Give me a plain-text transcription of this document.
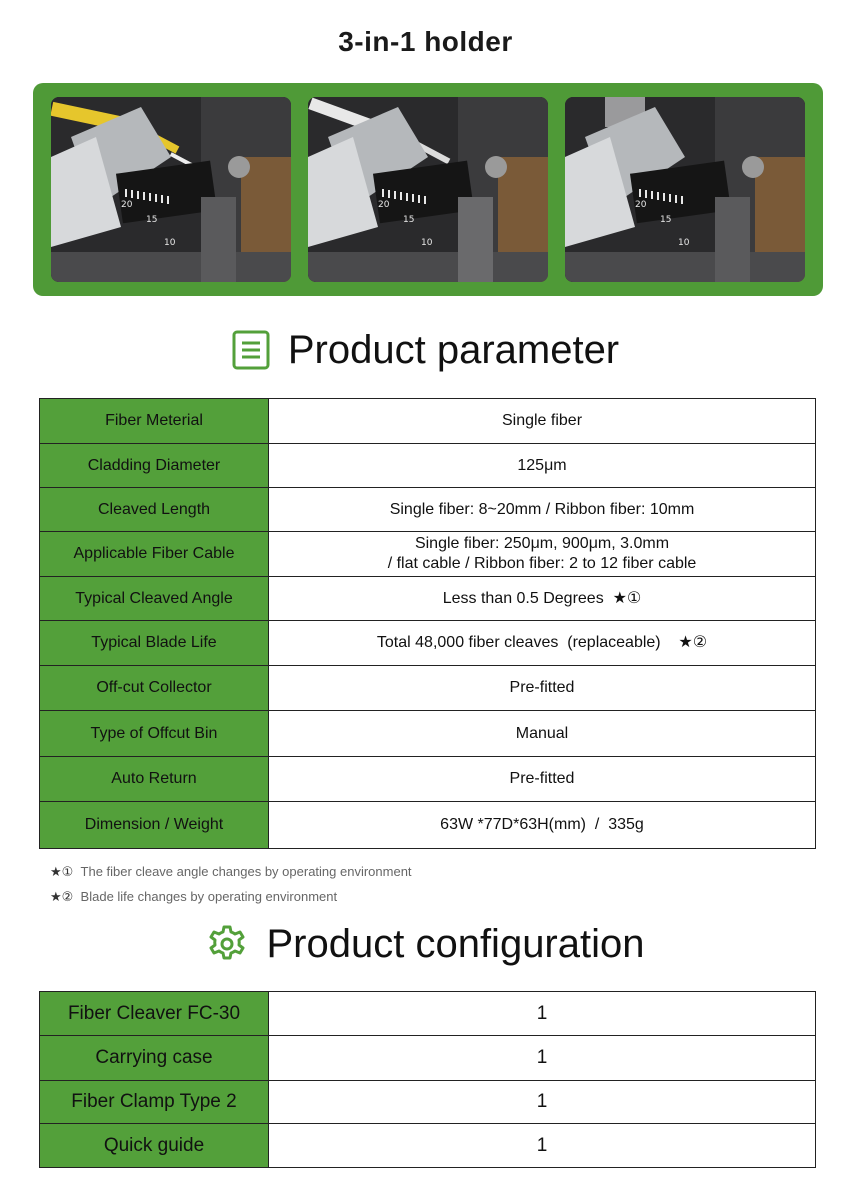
3-in-1 holder
20
15
10
20
15
10
20
15
10
Product parameter
Fiber Meterial	Single fiber
Cladding Diameter	125μm
Cleaved Length	Single fiber: 8~20mm / Ribbon fiber: 10mm
Applicable Fiber Cable	Single fiber: 250μm, 900μm, 3.0mm
/ flat cable / Ribbon fiber: 2 to 12 fiber cable

Typical Cleaved Angle	Less than 0.5 Degrees  ★①
Typical Blade Life	Total 48,000 fiber cleaves  (replaceable)    ★②
Off-cut Collector	Pre-fitted
Type of Offcut Bin	Manual
Auto Return	Pre-fitted
Dimension / Weight	63W *77D*63H(mm)  /  335g
★① The fiber cleave angle changes by operating environment
★② Blade life changes by operating environment
Product configuration
Fiber Cleaver FC-30	1
Carrying case	1
Fiber Clamp Type 2	1
Quick guide	1
